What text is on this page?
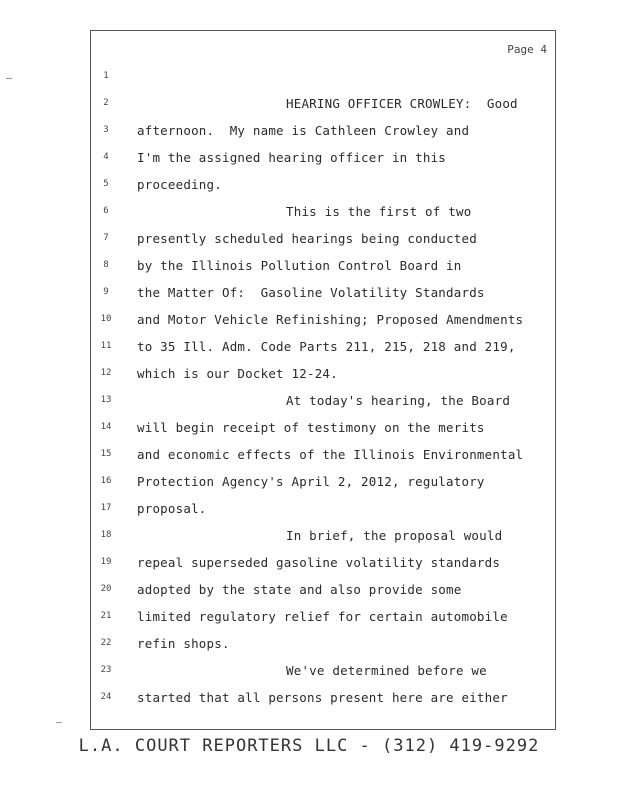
Page 4
1
2	HEARING OFFICER CROWLEY:  Good
3	afternoon.  My name is Cathleen Crowley and
4	I'm the assigned hearing officer in this
5	proceeding.
6	This is the first of two
7	presently scheduled hearings being conducted
8	by the Illinois Pollution Control Board in
9	the Matter Of:  Gasoline Volatility Standards
10	and Motor Vehicle Refinishing; Proposed Amendments
11	to 35 Ill. Adm. Code Parts 211, 215, 218 and 219,
12	which is our Docket 12-24.
13	At today's hearing, the Board
14	will begin receipt of testimony on the merits
15	and economic effects of the Illinois Environmental
16	Protection Agency's April 2, 2012, regulatory
17	proposal.
18	In brief, the proposal would
19	repeal superseded gasoline volatility standards
20	adopted by the state and also provide some
21	limited regulatory relief for certain automobile
22	refin shops.
23	We've determined before we
24	started that all persons present here are either
L.A. COURT REPORTERS LLC - (312) 419-9292
